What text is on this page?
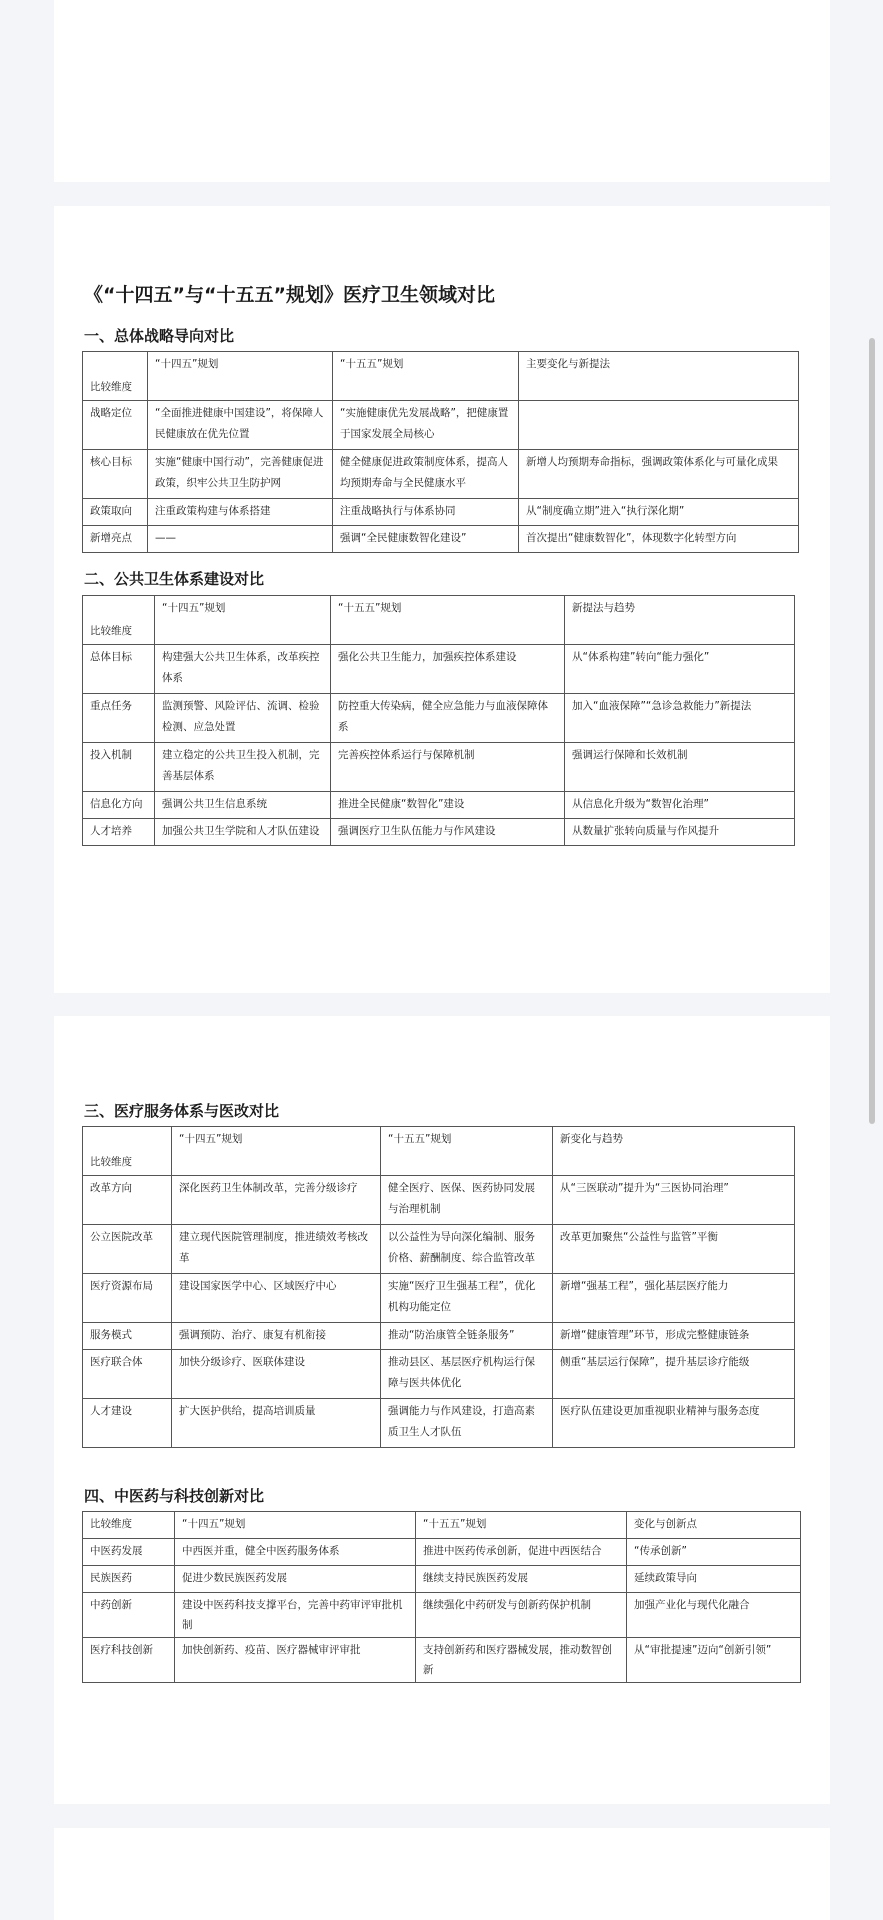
《“十四五”与“十五五”规划》医疗卫生领域对比
一、总体战略导向对比
比较维度	“十四五”规划	“十五五”规划	主要变化与新提法
战略定位	“全面推进健康中国建设”，将保障人民健康放在优先位置	“实施健康优先发展战略”，把健康置于国家发展全局核心	
核心目标	实施“健康中国行动”，完善健康促进政策，织牢公共卫生防护网	健全健康促进政策制度体系，提高人均预期寿命与全民健康水平	新增人均预期寿命指标，强调政策体系化与可量化成果
政策取向	注重政策构建与体系搭建	注重战略执行与体系协同	从“制度确立期”进入“执行深化期”
新增亮点	——	强调“全民健康数智化建设”	首次提出“健康数智化”，体现数字化转型方向
二、公共卫生体系建设对比
比较维度	“十四五”规划	“十五五”规划	新提法与趋势
总体目标	构建强大公共卫生体系，改革疾控体系	强化公共卫生能力，加强疾控体系建设	从“体系构建”转向“能力强化”
重点任务	监测预警、风险评估、流调、检验检测、应急处置	防控重大传染病，健全应急能力与血液保障体系	加入“血液保障”“急诊急救能力”新提法
投入机制	建立稳定的公共卫生投入机制，完善基层体系	完善疾控体系运行与保障机制	强调运行保障和长效机制
信息化方向	强调公共卫生信息系统	推进全民健康“数智化”建设	从信息化升级为“数智化治理”
人才培养	加强公共卫生学院和人才队伍建设	强调医疗卫生队伍能力与作风建设	从数量扩张转向质量与作风提升
三、医疗服务体系与医改对比
比较维度	“十四五”规划	“十五五”规划	新变化与趋势
改革方向	深化医药卫生体制改革，完善分级诊疗	健全医疗、医保、医药协同发展与治理机制	从“三医联动”提升为“三医协同治理”
公立医院改革	建立现代医院管理制度，推进绩效考核改革	以公益性为导向深化编制、服务价格、薪酬制度、综合监管改革	改革更加聚焦“公益性与监管”平衡
医疗资源布局	建设国家医学中心、区域医疗中心	实施“医疗卫生强基工程”，优化机构功能定位	新增“强基工程”，强化基层医疗能力
服务模式	强调预防、治疗、康复有机衔接	推动“防治康管全链条服务”	新增“健康管理”环节，形成完整健康链条
医疗联合体	加快分级诊疗、医联体建设	推动县区、基层医疗机构运行保障与医共体优化	侧重“基层运行保障”，提升基层诊疗能级
人才建设	扩大医护供给，提高培训质量	强调能力与作风建设，打造高素质卫生人才队伍	医疗队伍建设更加重视职业精神与服务态度
四、中医药与科技创新对比
比较维度	“十四五”规划	“十五五”规划	变化与创新点
中医药发展	中西医并重，健全中医药服务体系	推进中医药传承创新，促进中西医结合	“传承创新”
民族医药	促进少数民族医药发展	继续支持民族医药发展	延续政策导向
中药创新	建设中医药科技支撑平台，完善中药审评审批机制	继续强化中药研发与创新药保护机制	加强产业化与现代化融合
医疗科技创新	加快创新药、疫苗、医疗器械审评审批	支持创新药和医疗器械发展，推动数智创新	从“审批提速”迈向“创新引领”
